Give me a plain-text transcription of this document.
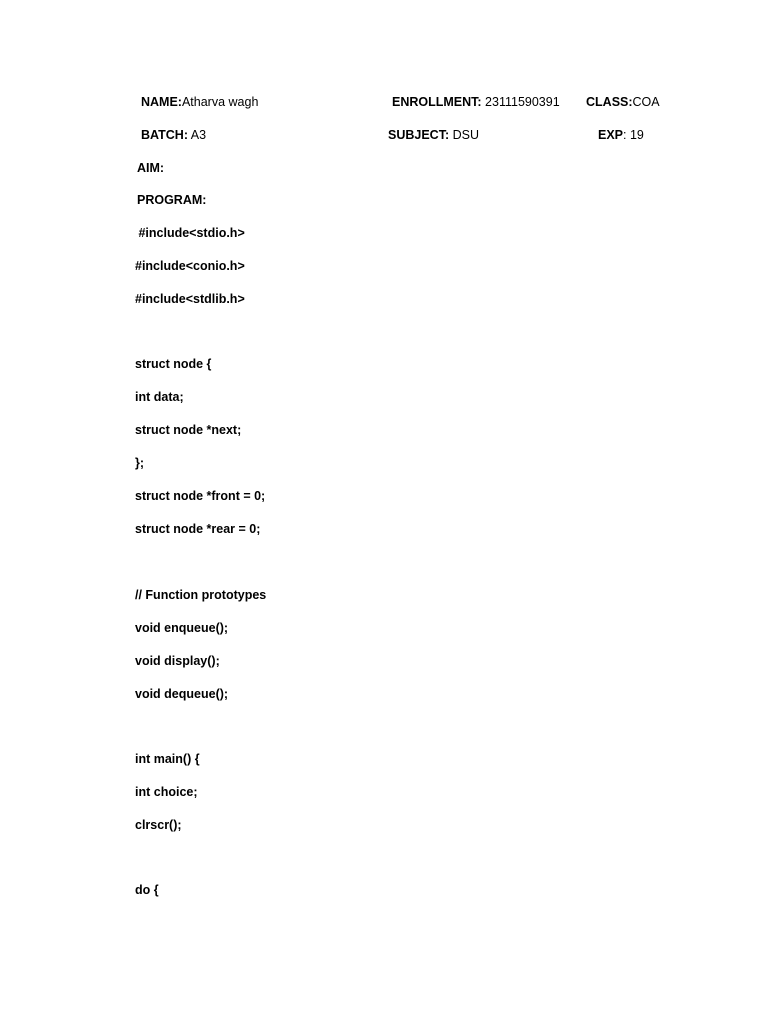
NAME:Atharva wagh	ENROLLMENT: 23111590391 CLASS:COA
BATCH: A3	SUBJECT: DSU	EXP: 19
AIM:
PROGRAM:
#include<stdio.h>
#include<conio.h>
#include<stdlib.h>
struct node {
int data;
struct node *next;
};
struct node *front = 0;
struct node *rear = 0;
// Function prototypes
void enqueue();
void display();
void dequeue();
int main() {
int choice;
clrscr();
do {
